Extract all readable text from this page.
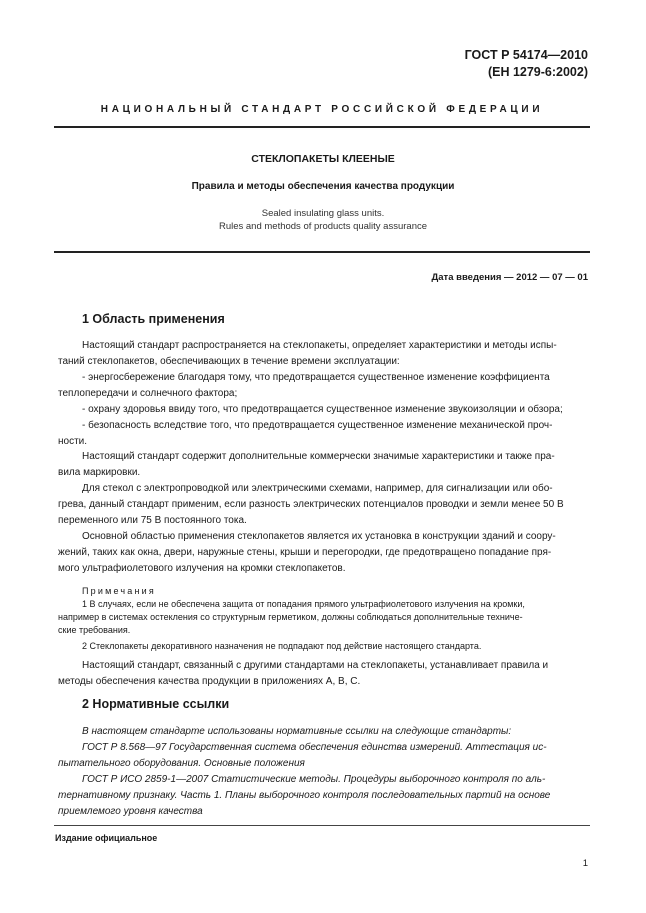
ГОСТ Р 54174—2010
(ЕН 1279-6:2002)
НАЦИОНАЛЬНЫЙ СТАНДАРТ РОССИЙСКОЙ ФЕДЕРАЦИИ
СТЕКЛОПАКЕТЫ КЛЕЕНЫЕ
Правила и методы обеспечения качества продукции
Sealed insulating glass units.
Rules and methods of products quality assurance
Дата введения — 2012 — 07 — 01
1 Область применения
Настоящий стандарт распространяется на стеклопакеты, определяет характеристики и методы испы-
таний стеклопакетов, обеспечивающих в течение времени эксплуатации:
- энергосбережение благодаря тому, что предотвращается существенное изменение коэффициента
теплопередачи и солнечного фактора;
- охрану здоровья ввиду того, что предотвращается существенное изменение звукоизоляции и обзора;
- безопасность вследствие того, что предотвращается существенное изменение механической проч-
ности.
Настоящий стандарт содержит дополнительные коммерчески значимые характеристики и также пра-
вила маркировки.
Для стекол с электропроводкой или электрическими схемами, например, для сигнализации или обо-
грева, данный стандарт применим, если разность электрических потенциалов проводки и земли менее 50 В
переменного или 75 В постоянного тока.
Основной областью применения стеклопакетов является их установка в конструкции зданий и соору-
жений, таких как окна, двери, наружные стены, крыши и перегородки, где предотвращено попадание пря-
мого ультрафиолетового излучения на кромки стеклопакетов.
Примечания
1 В случаях, если не обеспечена защита от попадания прямого ультрафиолетового излучения на кромки,
например в системах остекления со структурным герметиком, должны соблюдаться дополнительные техниче-
ские требования.
2 Стеклопакеты декоративного назначения не подпадают под действие настоящего стандарта.
Настоящий стандарт, связанный с другими стандартами на стеклопакеты, устанавливает правила и
методы обеспечения качества продукции в приложениях А, В, С.
2 Нормативные ссылки
В настоящем стандарте использованы нормативные ссылки на следующие стандарты:
ГОСТ Р 8.568—97 Государственная система обеспечения единства измерений. Аттестация ис-
пытательного оборудования. Основные положения
ГОСТ Р ИСО 2859-1—2007 Статистические методы. Процедуры выборочного контроля по аль-
тернативному признаку. Часть 1. Планы выборочного контроля последовательных партий на основе
приемлемого уровня качества
Издание официальное
1
